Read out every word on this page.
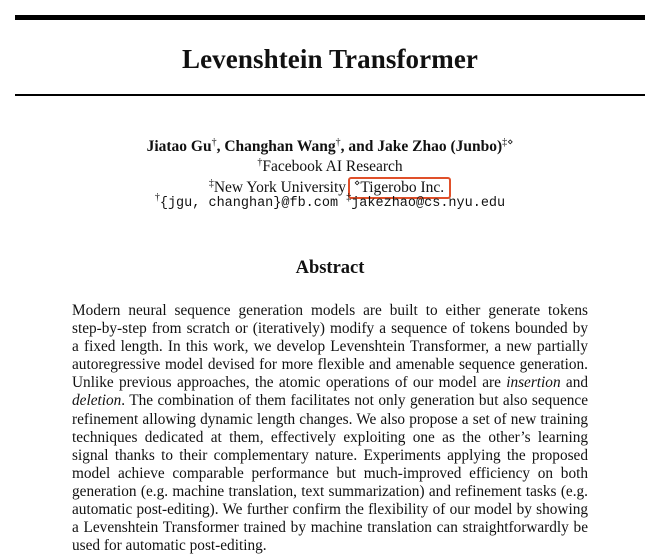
Levenshtein Transformer
Jiatao Gu†, Changhan Wang†, and Jake Zhao (Junbo)‡⋄
†Facebook AI Research
‡New York University ⋄Tigerobo Inc.
†{jgu, changhan}@fb.com ‡jakezhao@cs.nyu.edu
Abstract
Modern neural sequence generation models are built to either generate tokens
step-by-step from scratch or (iteratively) modify a sequence of tokens bounded by
a fixed length. In this work, we develop Levenshtein Transformer, a new partially
autoregressive model devised for more flexible and amenable sequence generation.
Unlike previous approaches, the atomic operations of our model are insertion and
deletion. The combination of them facilitates not only generation but also sequence
refinement allowing dynamic length changes. We also propose a set of new training
techniques dedicated at them, effectively exploiting one as the other’s learning
signal thanks to their complementary nature. Experiments applying the proposed
model achieve comparable performance but much-improved efficiency on both
generation (e.g. machine translation, text summarization) and refinement tasks (e.g.
automatic post-editing). We further confirm the flexibility of our model by showing
a Levenshtein Transformer trained by machine translation can straightforwardly be
used for automatic post-editing.
